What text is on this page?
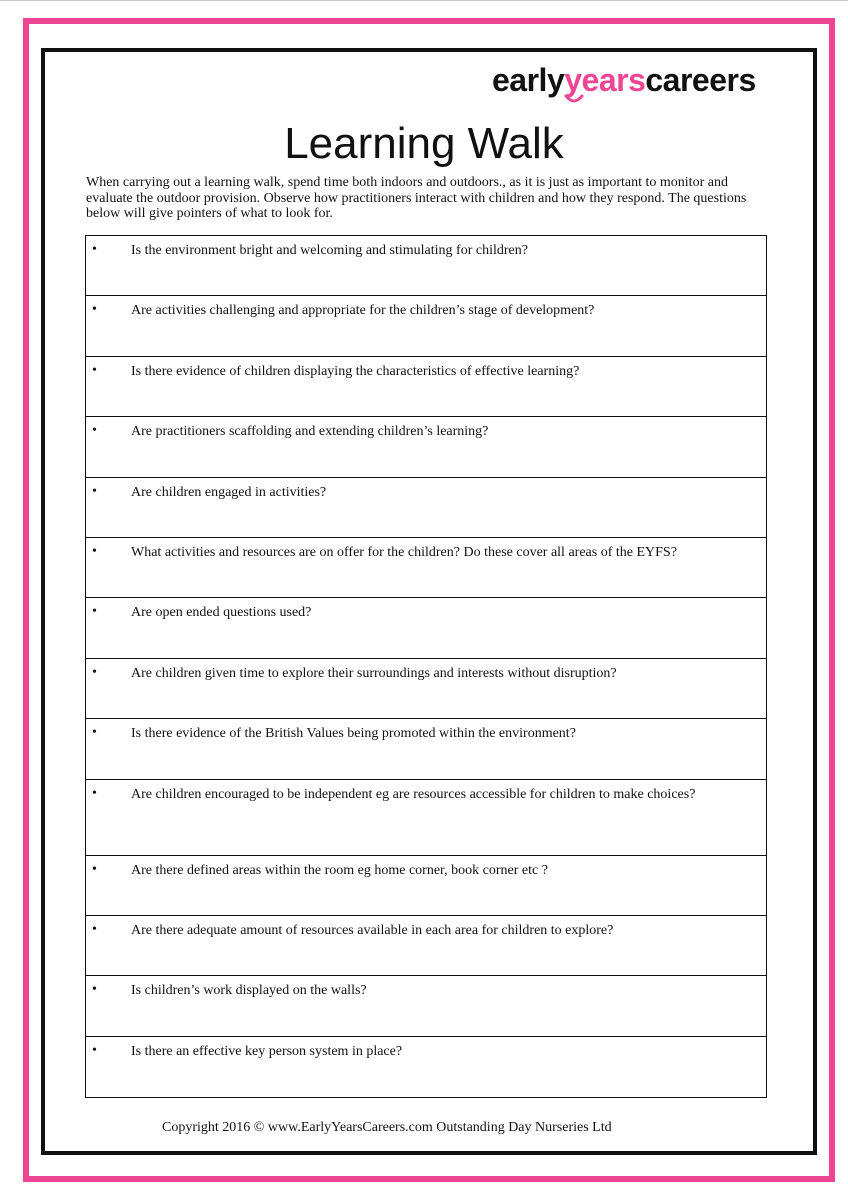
earlyyearscareers
Learning Walk

When carrying out a learning walk, spend time both indoors and outdoors., as it is just as important to monitor and evaluate the outdoor provision. Observe how practitioners interact with children and how they respond. The questions below will give pointers of what to look for.

• Is the environment bright and welcoming and stimulating for children?
• Are activities challenging and appropriate for the children’s stage of development?
• Is there evidence of children displaying the characteristics of effective learning?
• Are practitioners scaffolding and extending children’s learning?
• Are children engaged in activities?
• What activities and resources are on offer for the children? Do these cover all areas of the EYFS?
• Are open ended questions used?
• Are children given time to explore their surroundings and interests without disruption?
• Is there evidence of the British Values being promoted within the environment?
• Are children encouraged to be independent eg are resources accessible for children to make choices?
• Are there defined areas within the room eg home corner, book corner etc ?
• Are there adequate amount of resources available in each area for children to explore?
• Is children’s work displayed on the walls?
• Is there an effective key person system in place?
Copyright 2016 © www.EarlyYearsCareers.com Outstanding Day Nurseries Ltd
